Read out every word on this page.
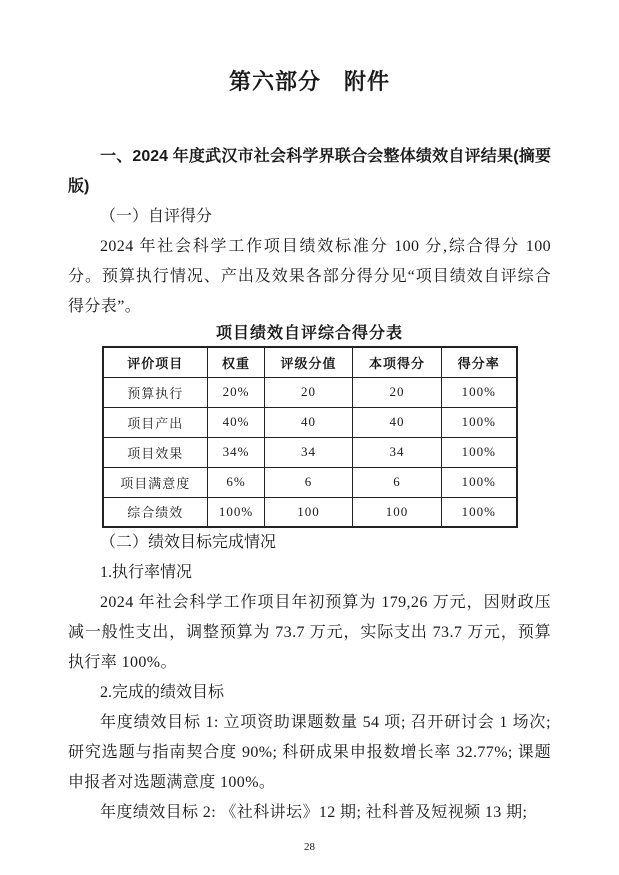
第六部分　附件

一、2024 年度武汉市社会科学界联合会整体绩效自评结果(摘要版)

（一）自评得分

2024 年社会科学工作项目绩效标准分 100 分,综合得分 100 分。预算执行情况、产出及效果各部分得分见“项目绩效自评综合得分表”。

项目绩效自评综合得分表
评价项目	权重	评级分值	本项得分	得分率
预算执行	20%	20	20	100%
项目产出	40%	40	40	100%
项目效果	34%	34	34	100%
项目满意度	6%	6	6	100%
综合绩效	100%	100	100	100%

（二）绩效目标完成情况

1.执行率情况

2024 年社会科学工作项目年初预算为 179,26 万元，因财政压减一般性支出，调整预算为 73.7 万元，实际支出 73.7 万元，预算执行率 100%。

2.完成的绩效目标

年度绩效目标 1: 立项资助课题数量 54 项; 召开研讨会 1 场次; 研究选题与指南契合度 90%; 科研成果申报数增长率 32.77%; 课题申报者对选题满意度 100%。

年度绩效目标 2: 《社科讲坛》12 期; 社科普及短视频 13 期;

28
